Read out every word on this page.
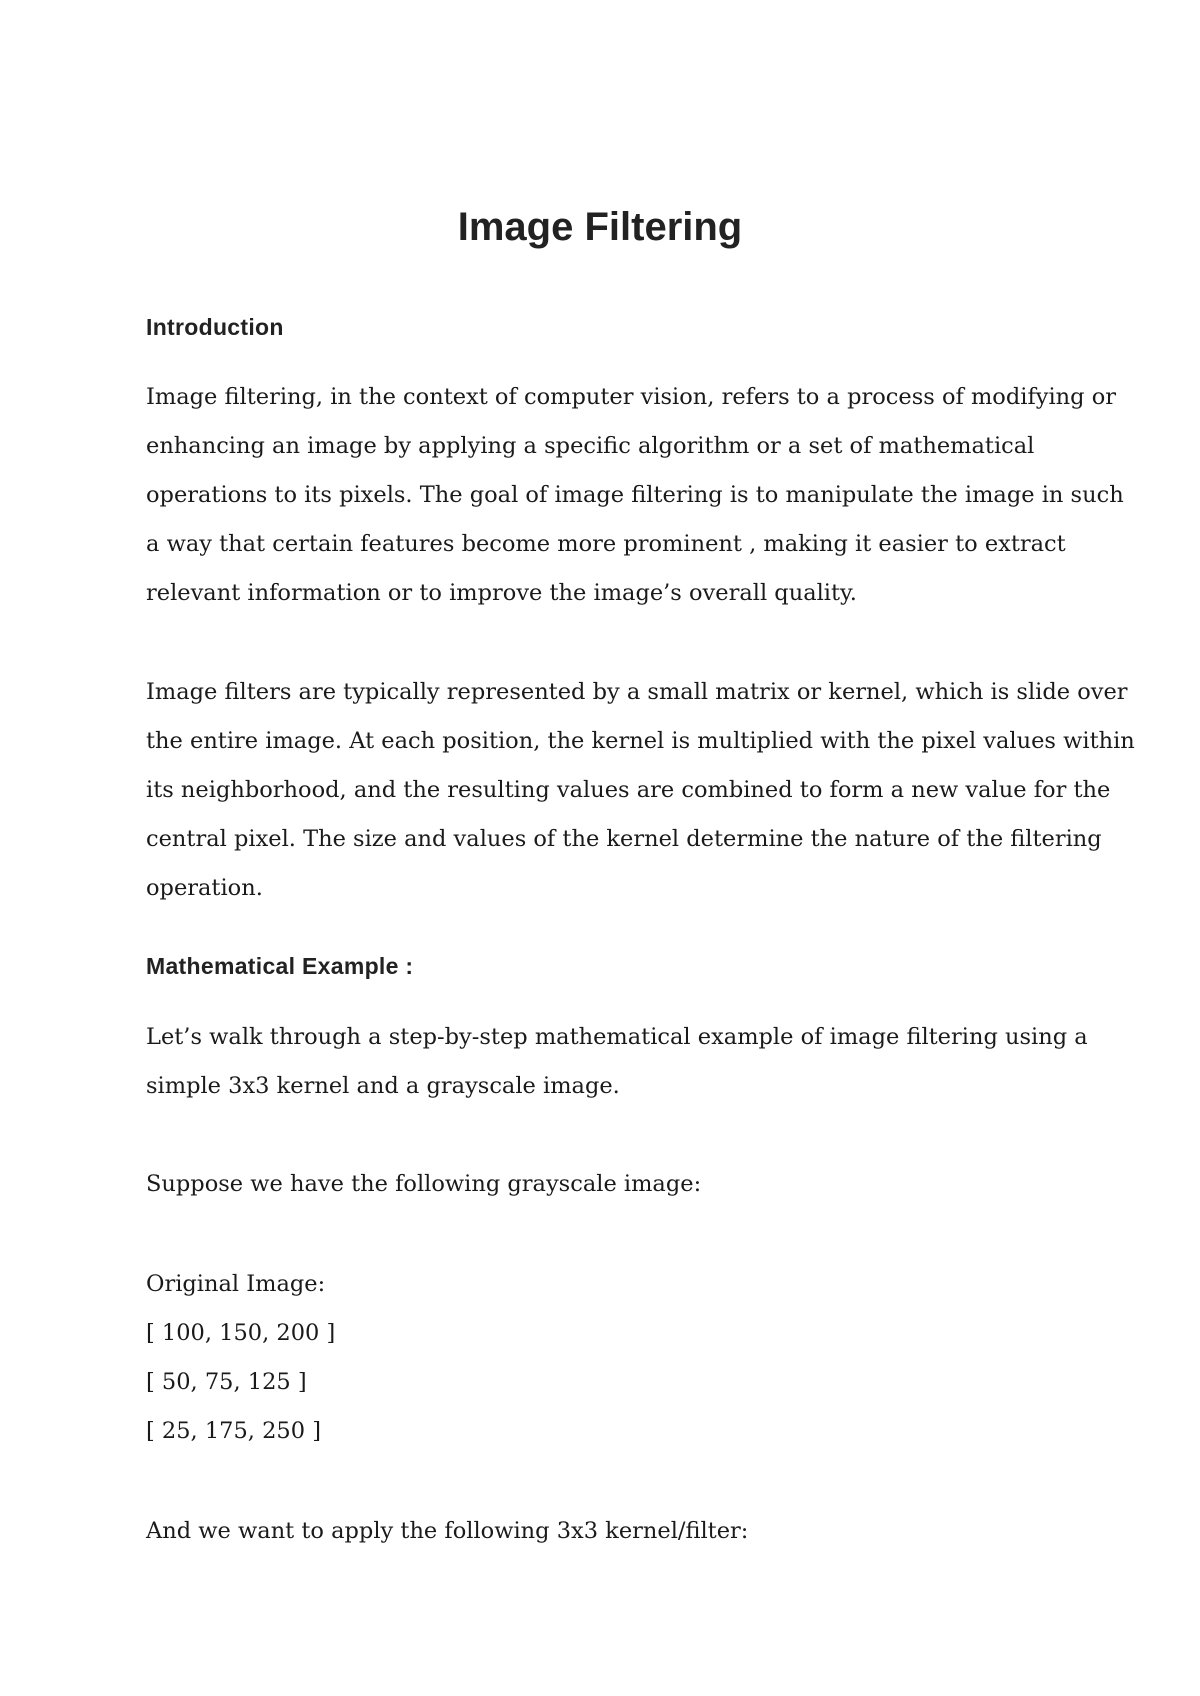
Image Filtering
Introduction

Image filtering, in the context of computer vision, refers to a process of modifying or
enhancing an image by applying a specific algorithm or a set of mathematical
operations to its pixels. The goal of image filtering is to manipulate the image in such
a way that certain features become more prominent , making it easier to extract
relevant information or to improve the image’s overall quality.

Image filters are typically represented by a small matrix or kernel, which is slide over
the entire image. At each position, the kernel is multiplied with the pixel values within
its neighborhood, and the resulting values are combined to form a new value for the
central pixel. The size and values of the kernel determine the nature of the filtering
operation.

Mathematical Example :

Let’s walk through a step-by-step mathematical example of image filtering using a
simple 3x3 kernel and a grayscale image.

Suppose we have the following grayscale image:

Original Image:

[ 100, 150, 200 ]

[ 50, 75, 125 ]

[ 25, 175, 250 ]

And we want to apply the following 3x3 kernel/filter:
